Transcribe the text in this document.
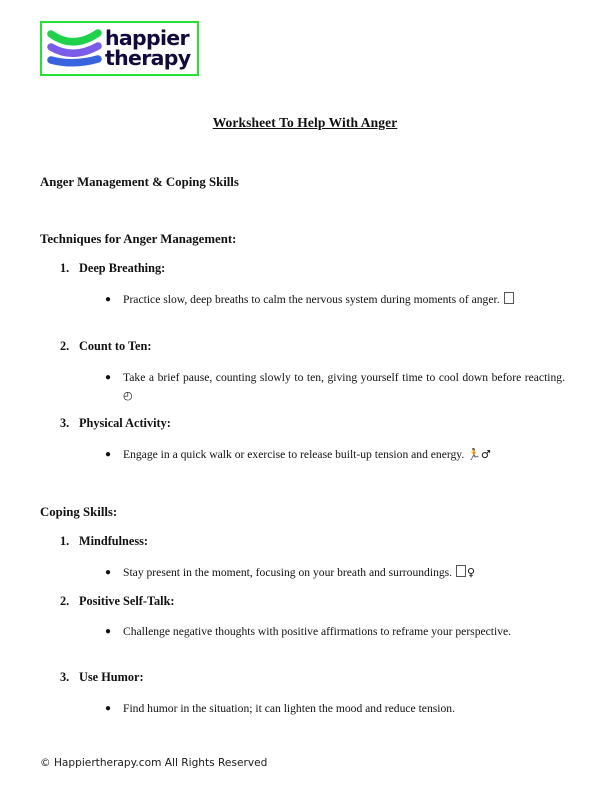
happier
therapy
Worksheet To Help With Anger
Anger Management & Coping Skills
Techniques for Anger Management:
1. Deep Breathing:
● Practice slow, deep breaths to calm the nervous system during moments of anger.
2. Count to Ten:
● Take a brief pause, counting slowly to ten, giving yourself time to cool down before reacting. ◴
3. Physical Activity:
● Engage in a quick walk or exercise to release built-up tension and energy. 🏃♂
Coping Skills:
1. Mindfulness:
● Stay present in the moment, focusing on your breath and surroundings. ♀
2. Positive Self-Talk:
● Challenge negative thoughts with positive affirmations to reframe your perspective.
3. Use Humor:
● Find humor in the situation; it can lighten the mood and reduce tension.
© Happiertherapy.com All Rights Reserved
